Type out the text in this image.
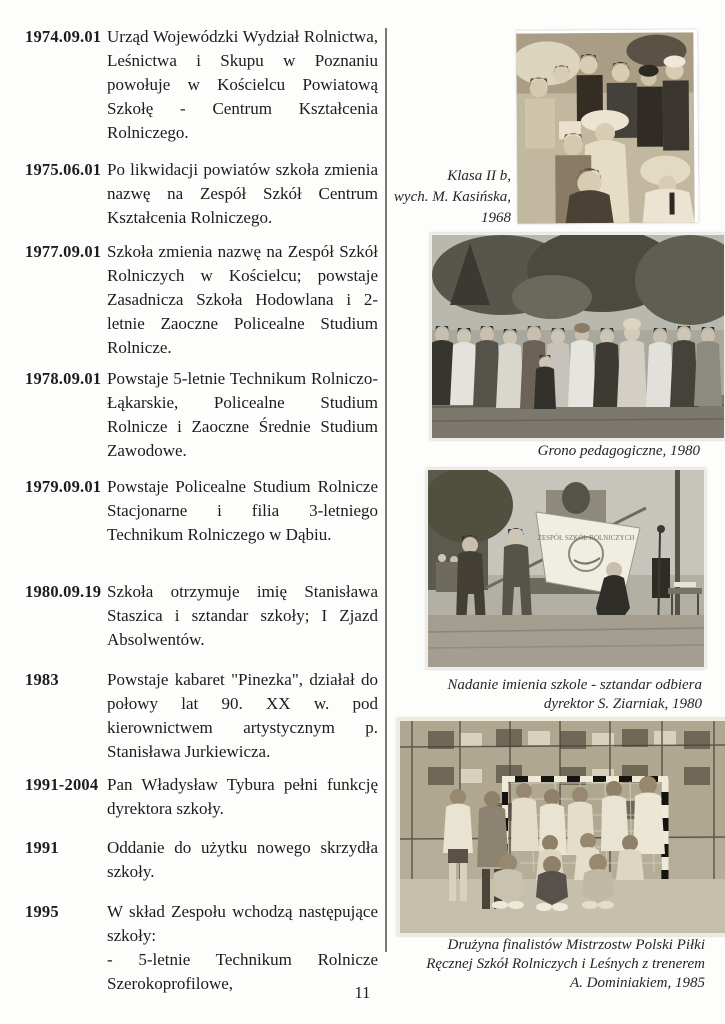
1974.09.01 Urząd Wojewódzki Wydział Rolnictwa, Leśnictwa i Skupu w Poznaniu powołuje w Kościelcu Powiatową Szkołę - Centrum Kształcenia Rolniczego.
1975.06.01 Po likwidacji powiatów szkoła zmienia nazwę na Zespół Szkół Centrum Kształcenia Rolniczego.
1977.09.01 Szkoła zmienia nazwę na Zespół Szkół Rolniczych w Kościelcu; powstaje Zasadnicza Szkoła Hodowlana i 2-letnie Zaoczne Policealne Studium Rolnicze.
1978.09.01 Powstaje 5-letnie Technikum Rolniczo-Łąkarskie, Policealne Studium Rolnicze i Zaoczne Średnie Studium Zawodowe.
1979.09.01 Powstaje Policealne Studium Rolnicze Stacjonarne i filia 3-letniego Technikum Rolniczego w Dąbiu.
1980.09.19 Szkoła otrzymuje imię Stanisława Staszica i sztandar szkoły; I Zjazd Absolwentów.
1983	Powstaje kabaret "Pinezka", działał do połowy lat 90. XX w. pod kierownictwem artystycznym p. Stanisława Jurkiewicza.
1991-2004 Pan Władysław Tybura pełni funkcję dyrektora szkoły.
1991	Oddanie do użytku nowego skrzydła szkoły.
1995	W skład Zespołu wchodzą następujące szkoły:
- 5-letnie Technikum Rolnicze Szerokoprofilowe,
Klasa II b,
wych. M. Kasińska,
1968
Grono pedagogiczne, 1980
ZESPÓŁ SZKÓŁ ROLNICZYCH
Nadanie imienia szkole - sztandar odbiera
dyrektor S. Ziarniak, 1980
Drużyna finalistów Mistrzostw Polski Piłki
Ręcznej Szkół Rolniczych i Leśnych z trenerem
A. Dominiakiem, 1985
11
